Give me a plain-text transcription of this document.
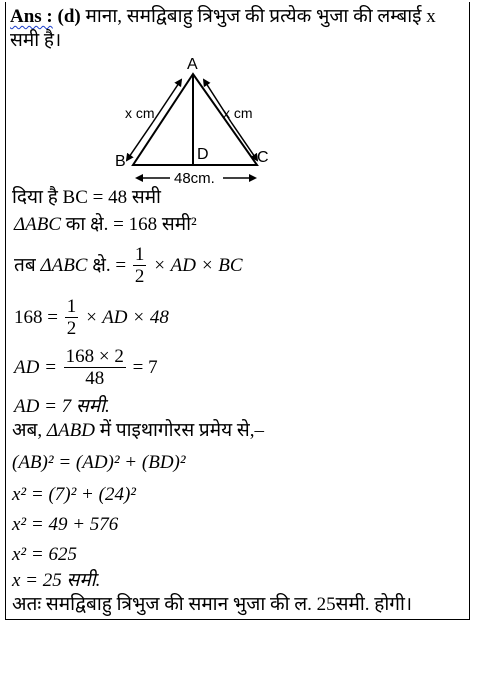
Ans : (d) माना, समद्विबाहु त्रिभुज की प्रत्येक भुजा की लम्बाई x
समी है।
A
B	C
D
x cm	x cm
48cm.
दिया है BC = 48 समी
ΔABC का क्षे. = 168 समी²
तब ΔABC क्षे. = $\frac{1}{2}$ × AD × BC
$168 = \frac{1}{2}$ × AD × 48
AD = $\frac{168 \times 2}{48} = 7$
AD = 7 समी.
अब, ΔABD में पाइथागोरस प्रमेय से,–
(AB)² = (AD)² + (BD)²
x² = (7)² + (24)²
x² = 49 + 576
x² = 625
x = 25 समी.
अतः समद्विबाहु त्रिभुज की समान भुजा की ल. 25समी. होगी।
